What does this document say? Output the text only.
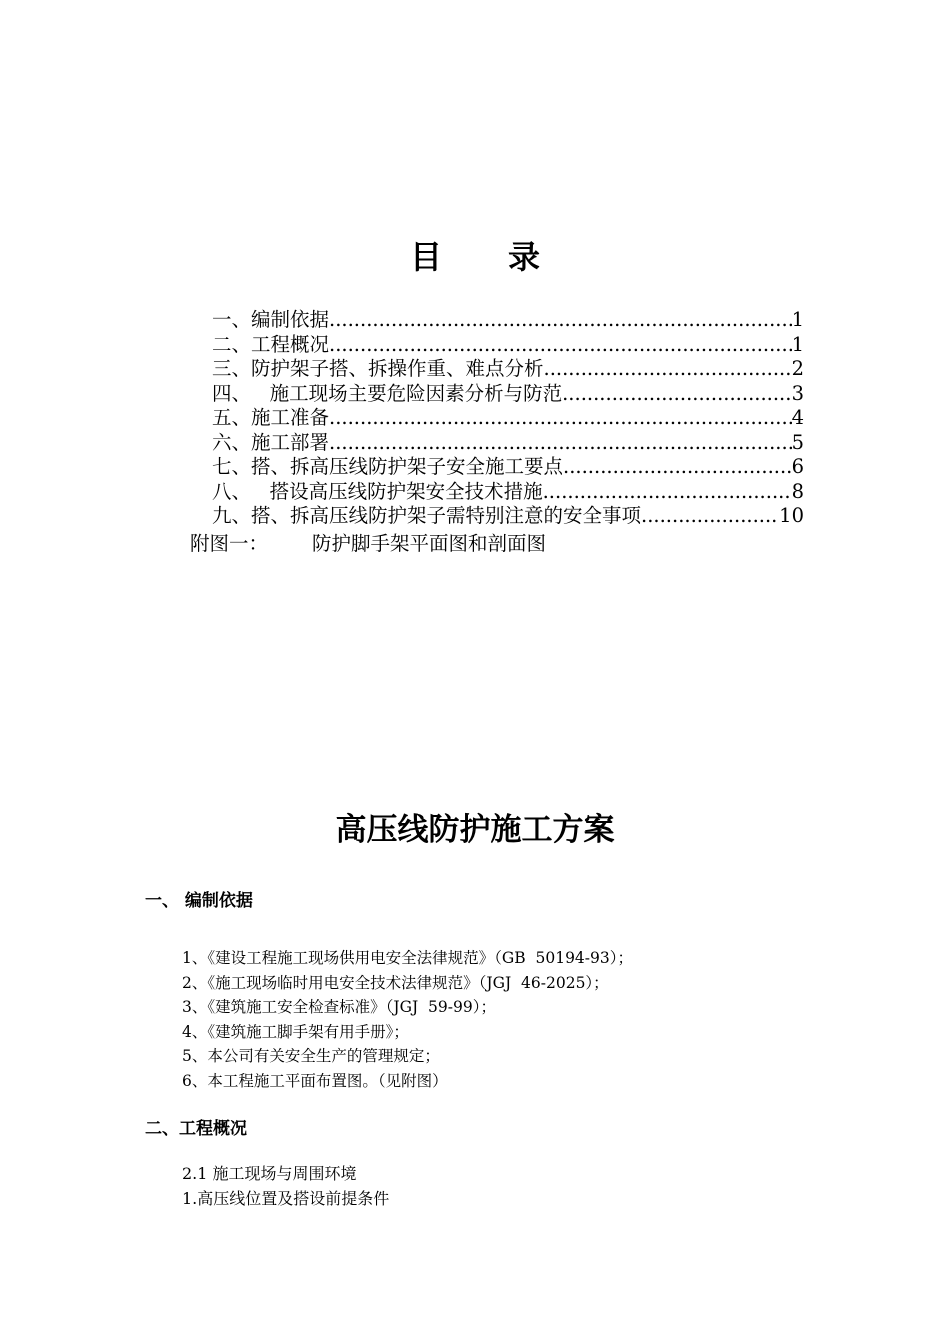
目录
一、编制依据 .....	1
二、工程概况 .....	1
三、防护架子搭、拆操作重、难点分析 .....	2
四、   施工现场主要危险因素分析与防范 .....	3
五、施工准备 .....	4
六、施工部署 .....	5
七、搭、拆高压线防护架子安全施工要点 .....	6
八、   搭设高压线防护架安全技术措施 .....	8
九、搭、拆高压线防护架子需特别注意的安全事项 .....	10
附图一： 防护脚手架平面图和剖面图
高压线防护施工方案
一、 编制依据
1、《建设工程施工现场供用电安全法律规范》（GB  50194-93）；
2、《施工现场临时用电安全技术法律规范》（JGJ  46-2025）；
3、《建筑施工安全检查标准》（JGJ  59-99）；
4、《建筑施工脚手架有用手册》；
5、本公司有关安全生产的管理规定；
6、本工程施工平面布置图。（见附图）
二、工程概况
2.1 施工现场与周围环境
1.高压线位置及搭设前提条件
